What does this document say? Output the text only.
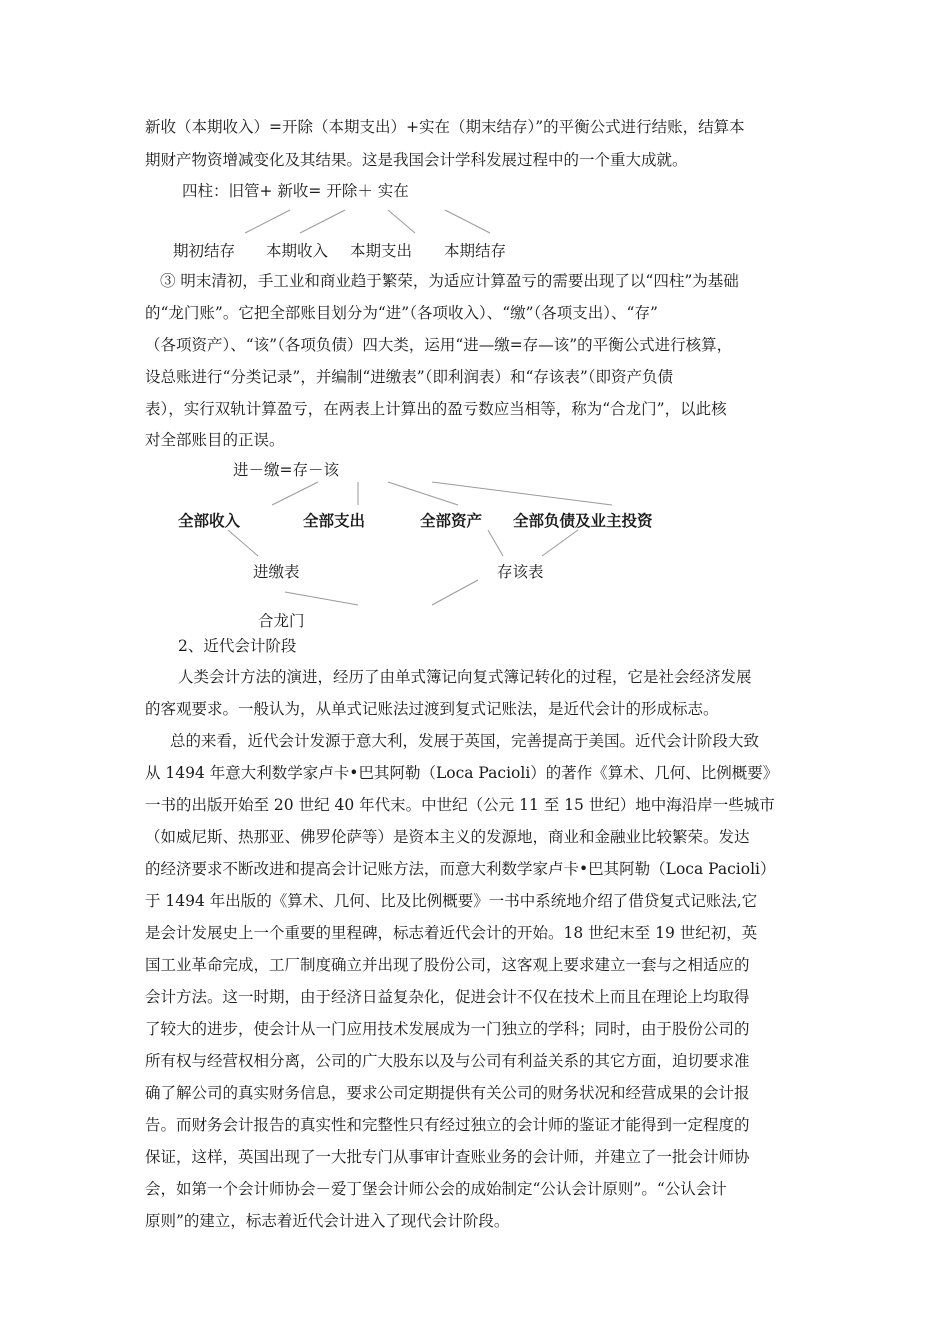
新收（本期收入）=开除（本期支出）+实在（期末结存）”的平衡公式进行结账，结算本
期财产物资增减变化及其结果。这是我国会计学科发展过程中的一个重大成就。
四柱：旧管+ 新收= 开除＋ 实在
期初结存 本期收入 本期支出 本期结存
③ 明末清初，手工业和商业趋于繁荣，为适应计算盈亏的需要出现了以“四柱”为基础
的“龙门账”。它把全部账目划分为“进”（各项收入）、“缴”（各项支出）、“存”
（各项资产）、“该”（各项负债）四大类，运用“进—缴=存—该”的平衡公式进行核算，
设总账进行“分类记录”，并编制“进缴表”（即利润表）和“存该表”（即资产负债
表），实行双轨计算盈亏，在两表上计算出的盈亏数应当相等，称为“合龙门”，以此核
对全部账目的正误。
进－缴=存－该
全部收入	全部支出	全部资产 全部负债及业主投资
进缴表	存该表
合龙门
2、近代会计阶段
人类会计方法的演进，经历了由单式簿记向复式簿记转化的过程，它是社会经济发展
的客观要求。一般认为，从单式记账法过渡到复式记账法，是近代会计的形成标志。
总的来看，近代会计发源于意大利，发展于英国，完善提高于美国。近代会计阶段大致
从 1494 年意大利数学家卢卡•巴其阿勒（Loca Pacioli）的著作《算术、几何、比例概要》
一书的出版开始至 20 世纪 40 年代末。中世纪（公元 11 至 15 世纪）地中海沿岸一些城市
（如威尼斯、热那亚、佛罗伦萨等）是资本主义的发源地，商业和金融业比较繁荣。发达
的经济要求不断改进和提高会计记账方法，而意大利数学家卢卡•巴其阿勒（Loca Pacioli）
于 1494 年出版的《算术、几何、比及比例概要》一书中系统地介绍了借贷复式记账法,它
是会计发展史上一个重要的里程碑，标志着近代会计的开始。18 世纪末至 19 世纪初，英
国工业革命完成，工厂制度确立并出现了股份公司，这客观上要求建立一套与之相适应的
会计方法。这一时期，由于经济日益复杂化，促进会计不仅在技术上而且在理论上均取得
了较大的进步，使会计从一门应用技术发展成为一门独立的学科；同时，由于股份公司的
所有权与经营权相分离，公司的广大股东以及与公司有利益关系的其它方面，迫切要求准
确了解公司的真实财务信息，要求公司定期提供有关公司的财务状况和经营成果的会计报
告。而财务会计报告的真实性和完整性只有经过独立的会计师的鉴证才能得到一定程度的
保证，这样，英国出现了一大批专门从事审计查账业务的会计师，并建立了一批会计师协
会，如第一个会计师协会－爱丁堡会计师公会的成始制定“公认会计原则”。“公认会计
原则”的建立，标志着近代会计进入了现代会计阶段。
